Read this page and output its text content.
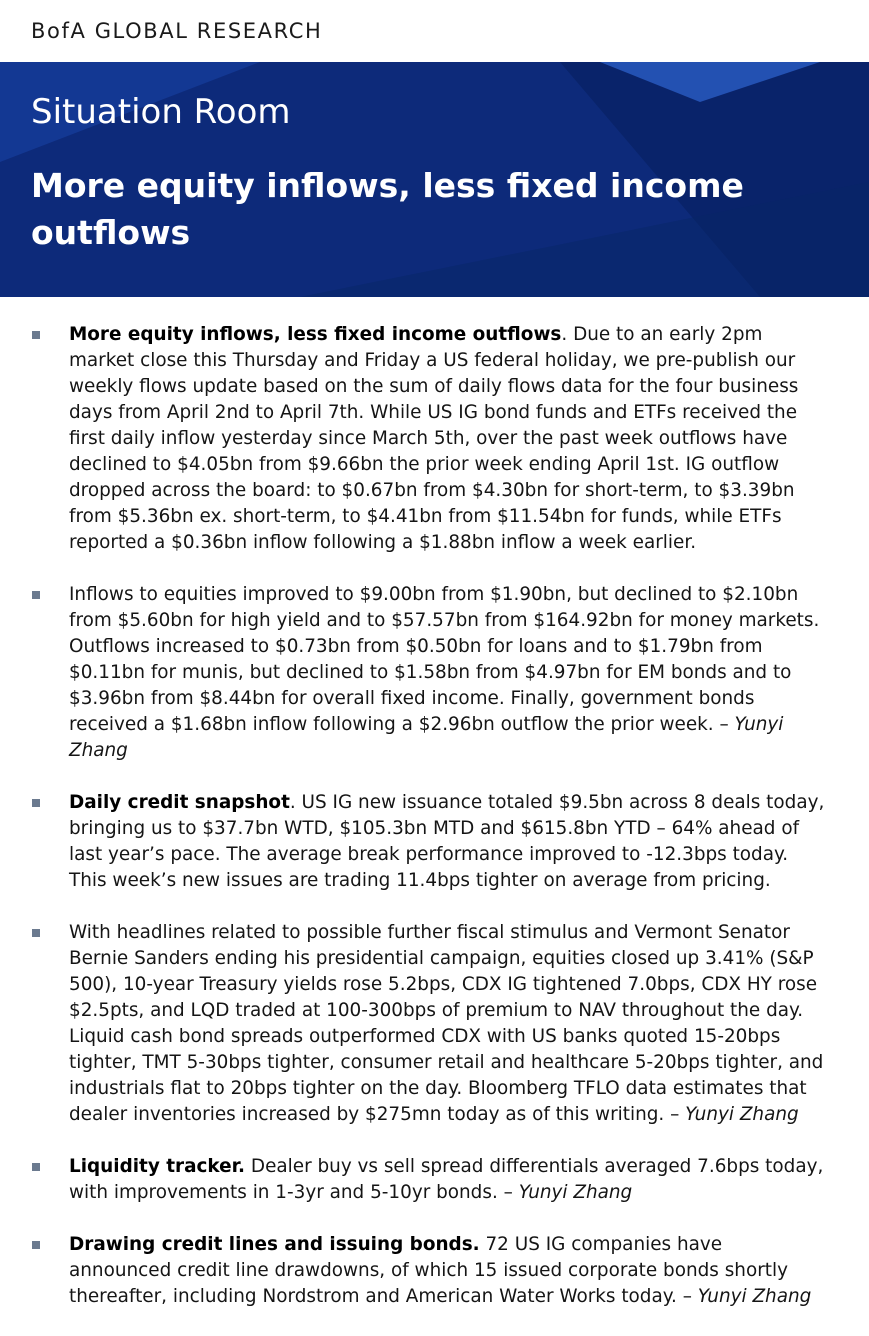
BofA GLOBAL RESEARCH
Situation Room
More equity inflows, less fixed income outflows
More equity inflows, less fixed income outflows. Due to an early 2pm market close this Thursday and Friday a US federal holiday, we pre-publish our weekly flows update based on the sum of daily flows data for the four business days from April 2nd to April 7th. While US IG bond funds and ETFs received the first daily inflow yesterday since March 5th, over the past week outflows have declined to $4.05bn from $9.66bn the prior week ending April 1st. IG outflow dropped across the board: to $0.67bn from $4.30bn for short-term, to $3.39bn from $5.36bn ex. short-term, to $4.41bn from $11.54bn for funds, while ETFs reported a $0.36bn inflow following a $1.88bn inflow a week earlier.
Inflows to equities improved to $9.00bn from $1.90bn, but declined to $2.10bn from $5.60bn for high yield and to $57.57bn from $164.92bn for money markets. Outflows increased to $0.73bn from $0.50bn for loans and to $1.79bn from $0.11bn for munis, but declined to $1.58bn from $4.97bn for EM bonds and to $3.96bn from $8.44bn for overall fixed income. Finally, government bonds received a $1.68bn inflow following a $2.96bn outflow the prior week. – Yunyi Zhang
Daily credit snapshot. US IG new issuance totaled $9.5bn across 8 deals today, bringing us to $37.7bn WTD, $105.3bn MTD and $615.8bn YTD – 64% ahead of last year’s pace. The average break performance improved to -12.3bps today. This week’s new issues are trading 11.4bps tighter on average from pricing.
With headlines related to possible further fiscal stimulus and Vermont Senator Bernie Sanders ending his presidential campaign, equities closed up 3.41% (S&P 500), 10-year Treasury yields rose 5.2bps, CDX IG tightened 7.0bps, CDX HY rose $2.5pts, and LQD traded at 100-300bps of premium to NAV throughout the day. Liquid cash bond spreads outperformed CDX with US banks quoted 15-20bps tighter, TMT 5-30bps tighter, consumer retail and healthcare 5-20bps tighter, and industrials flat to 20bps tighter on the day. Bloomberg TFLO data estimates that dealer inventories increased by $275mn today as of this writing. – Yunyi Zhang
Liquidity tracker. Dealer buy vs sell spread differentials averaged 7.6bps today, with improvements in 1-3yr and 5-10yr bonds. – Yunyi Zhang
Drawing credit lines and issuing bonds. 72 US IG companies have announced credit line drawdowns, of which 15 issued corporate bonds shortly thereafter, including Nordstrom and American Water Works today. – Yunyi Zhang
